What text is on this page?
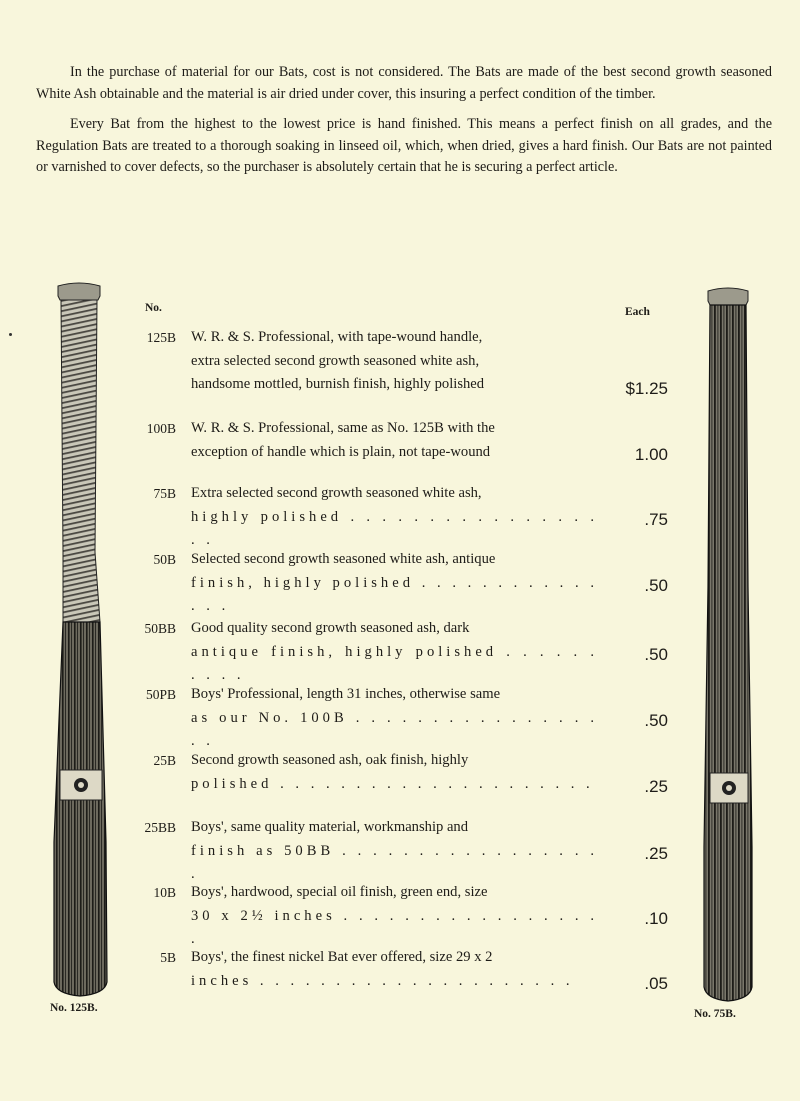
In the purchase of material for our Bats, cost is not considered. The Bats are made of the best second growth seasoned White Ash obtainable and the material is air dried under cover, this insuring a perfect condition of the timber.

Every Bat from the highest to the lowest price is hand finished. This means a perfect finish on all grades, and the Regulation Bats are treated to a thorough soaking in linseed oil, which, when dried, gives a hard finish. Our Bats are not painted or varnished to cover defects, so the purchaser is absolutely certain that he is securing a perfect article.

No. 125B.	No. 75B.
No.	Each
125B W. R. & S. Professional, with tape-wound handle,
extra selected second growth seasoned white ash,
handsome mottled, burnish finish, highly polished	$1.25
100B W. R. & S. Professional, same as No. 125B with the
exception of handle which is plain, not tape-wound	1.00
75B Extra selected second growth seasoned white ash,
highly polished . . . . . . . . . . . . . . . . . .
.75
50B Selected second growth seasoned white ash, antique
finish, highly polished . . . . . . . . . . . . . . .
.50
50BB Good quality second growth seasoned ash, dark
antique finish, highly polished . . . . . . . . . .
.50
50PB Boys' Professional, length 31 inches, otherwise same
as our No. 100B . . . . . . . . . . . . . . . . . .
.50
25B Second growth seasoned ash, oak finish, highly
polished . . . . . . . . . . . . . . . . . . . . .	.25
25BB Boys', same quality material, workmanship and
finish as 50BB . . . . . . . . . . . . . . . . . .
.25
10B Boys', hardwood, special oil finish, green end, size
30 x 2½ inches . . . . . . . . . . . . . . . . . .
.10
5B Boys', the finest nickel Bat ever offered, size 29 x 2
inches . . . . . . . . . . . . . . . . . . . . .	.05
